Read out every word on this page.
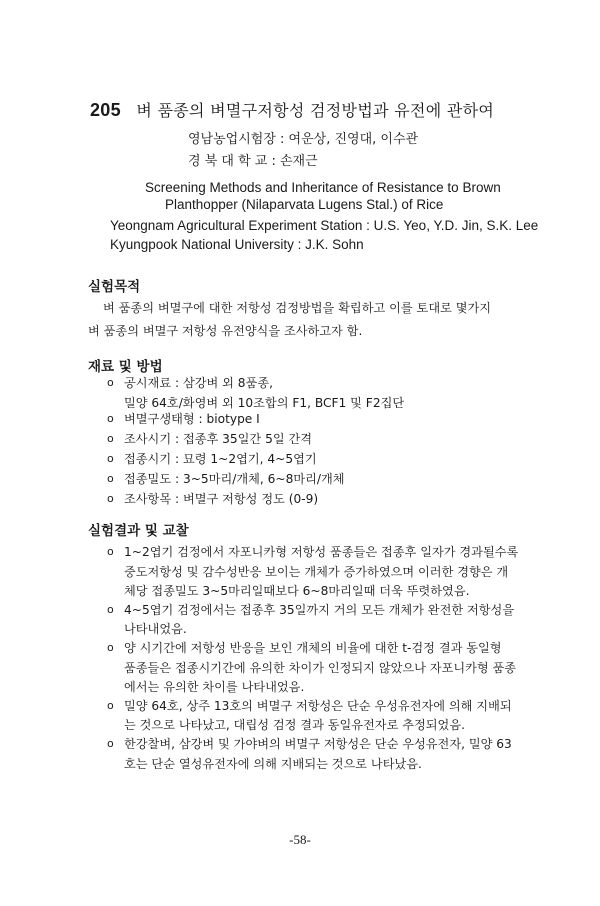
205 벼 품종의 벼멸구저항성 검정방법과 유전에 관하여
영남농업시험장 : 여운상, 진영대, 이수관
경 북 대 학 교 : 손재근
Screening Methods and Inheritance of Resistance to Brown
Planthopper (Nilaparvata Lugens Stal.) of Rice
Yeongnam Agricultural Experiment Station : U.S. Yeo, Y.D. Jin, S.K. Lee
Kyungpook National University : J.K. Sohn
실험목적
벼 품종의 벼멸구에 대한 저항성 검정방법을 확립하고 이를 토대로 몇가지
벼 품종의 벼멸구 저항성 유전양식을 조사하고자 함.
재료 및 방법
o 공시재료 : 삼강벼 외 8품종,
밀양 64호/화영벼 외 10조합의 F1, BCF1 및 F2집단
o 벼멸구생태형 : biotype Ⅰ
o 조사시기 : 접종후 35일간 5일 간격
o 접종시기 : 묘령 1~2엽기, 4~5엽기
o 접종밀도 : 3~5마리/개체, 6~8마리/개체
o 조사항목 : 벼멸구 저항성 정도 (0-9)
실험결과 및 교찰
o 1~2엽기 검정에서 자포니카형 저항성 품종들은 접종후 일자가 경과될수록
중도저항성 및 감수성반응 보이는 개체가 증가하였으며 이러한 경향은 개
체당 접종밀도 3~5마리일때보다 6~8마리일때 더욱 뚜렷하였음.
o 4~5엽기 검정에서는 접종후 35일까지 거의 모든 개체가 완전한 저항성을
나타내었음.
o 양 시기간에 저항성 반응을 보인 개체의 비율에 대한 t-검정 결과 동일형
품종들은 접종시기간에 유의한 차이가 인정되지 않았으나 자포니카형 품종
에서는 유의한 차이를 나타내었음.
o 밀양 64호, 상주 13호의 벼멸구 저항성은 단순 우성유전자에 의해 지배되
는 것으로 나타났고, 대립성 검정 결과 동일유전자로 추정되었음.
o 한강찰벼, 삼강벼 및 가야벼의 벼멸구 저항성은 단순 우성유전자, 밀양 63
호는 단순 열성유전자에 의해 지배되는 것으로 나타났음.
-58-
